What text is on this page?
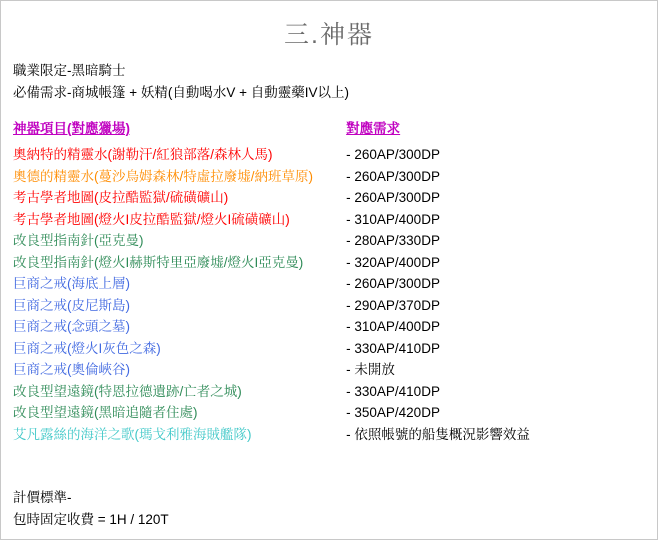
三.神器
職業限定-黑暗騎士
必備需求-商城帳篷 + 妖精(自動喝水V + 自動靈藥IV以上)
神器項目(對應獵場)	對應需求
奧納特的精靈水(謝勒汗/紅狼部落/森林人馬)	- 260AP/300DP
奧德的精靈水(蔓沙烏姆森林/特虛拉廢墟/納班草原)	- 260AP/300DP
考古學者地圖(皮拉酷監獄/硫磺礦山)	- 260AP/300DP
考古學者地圖(燈火I皮拉酷監獄/燈火I硫磺礦山)	- 310AP/400DP
改良型指南針(亞克曼)	- 280AP/330DP
改良型指南針(燈火I赫斯特里亞廢墟/燈火I亞克曼)	- 320AP/400DP
巨商之戒(海底上層)	- 260AP/300DP
巨商之戒(皮尼斯島)	- 290AP/370DP
巨商之戒(念頭之墓)	- 310AP/400DP
巨商之戒(燈火I灰色之森)	- 330AP/410DP
巨商之戒(奧倫峽谷)	- 未開放
改良型望遠鏡(特恩拉德遺跡/亡者之城)	- 330AP/410DP
改良型望遠鏡(黑暗追隨者住處)	- 350AP/420DP
艾凡露絲的海洋之歌(瑪戈利雅海賊艦隊)	- 依照帳號的船隻概況影響效益
計價標準-
包時固定收費 = 1H / 120T
